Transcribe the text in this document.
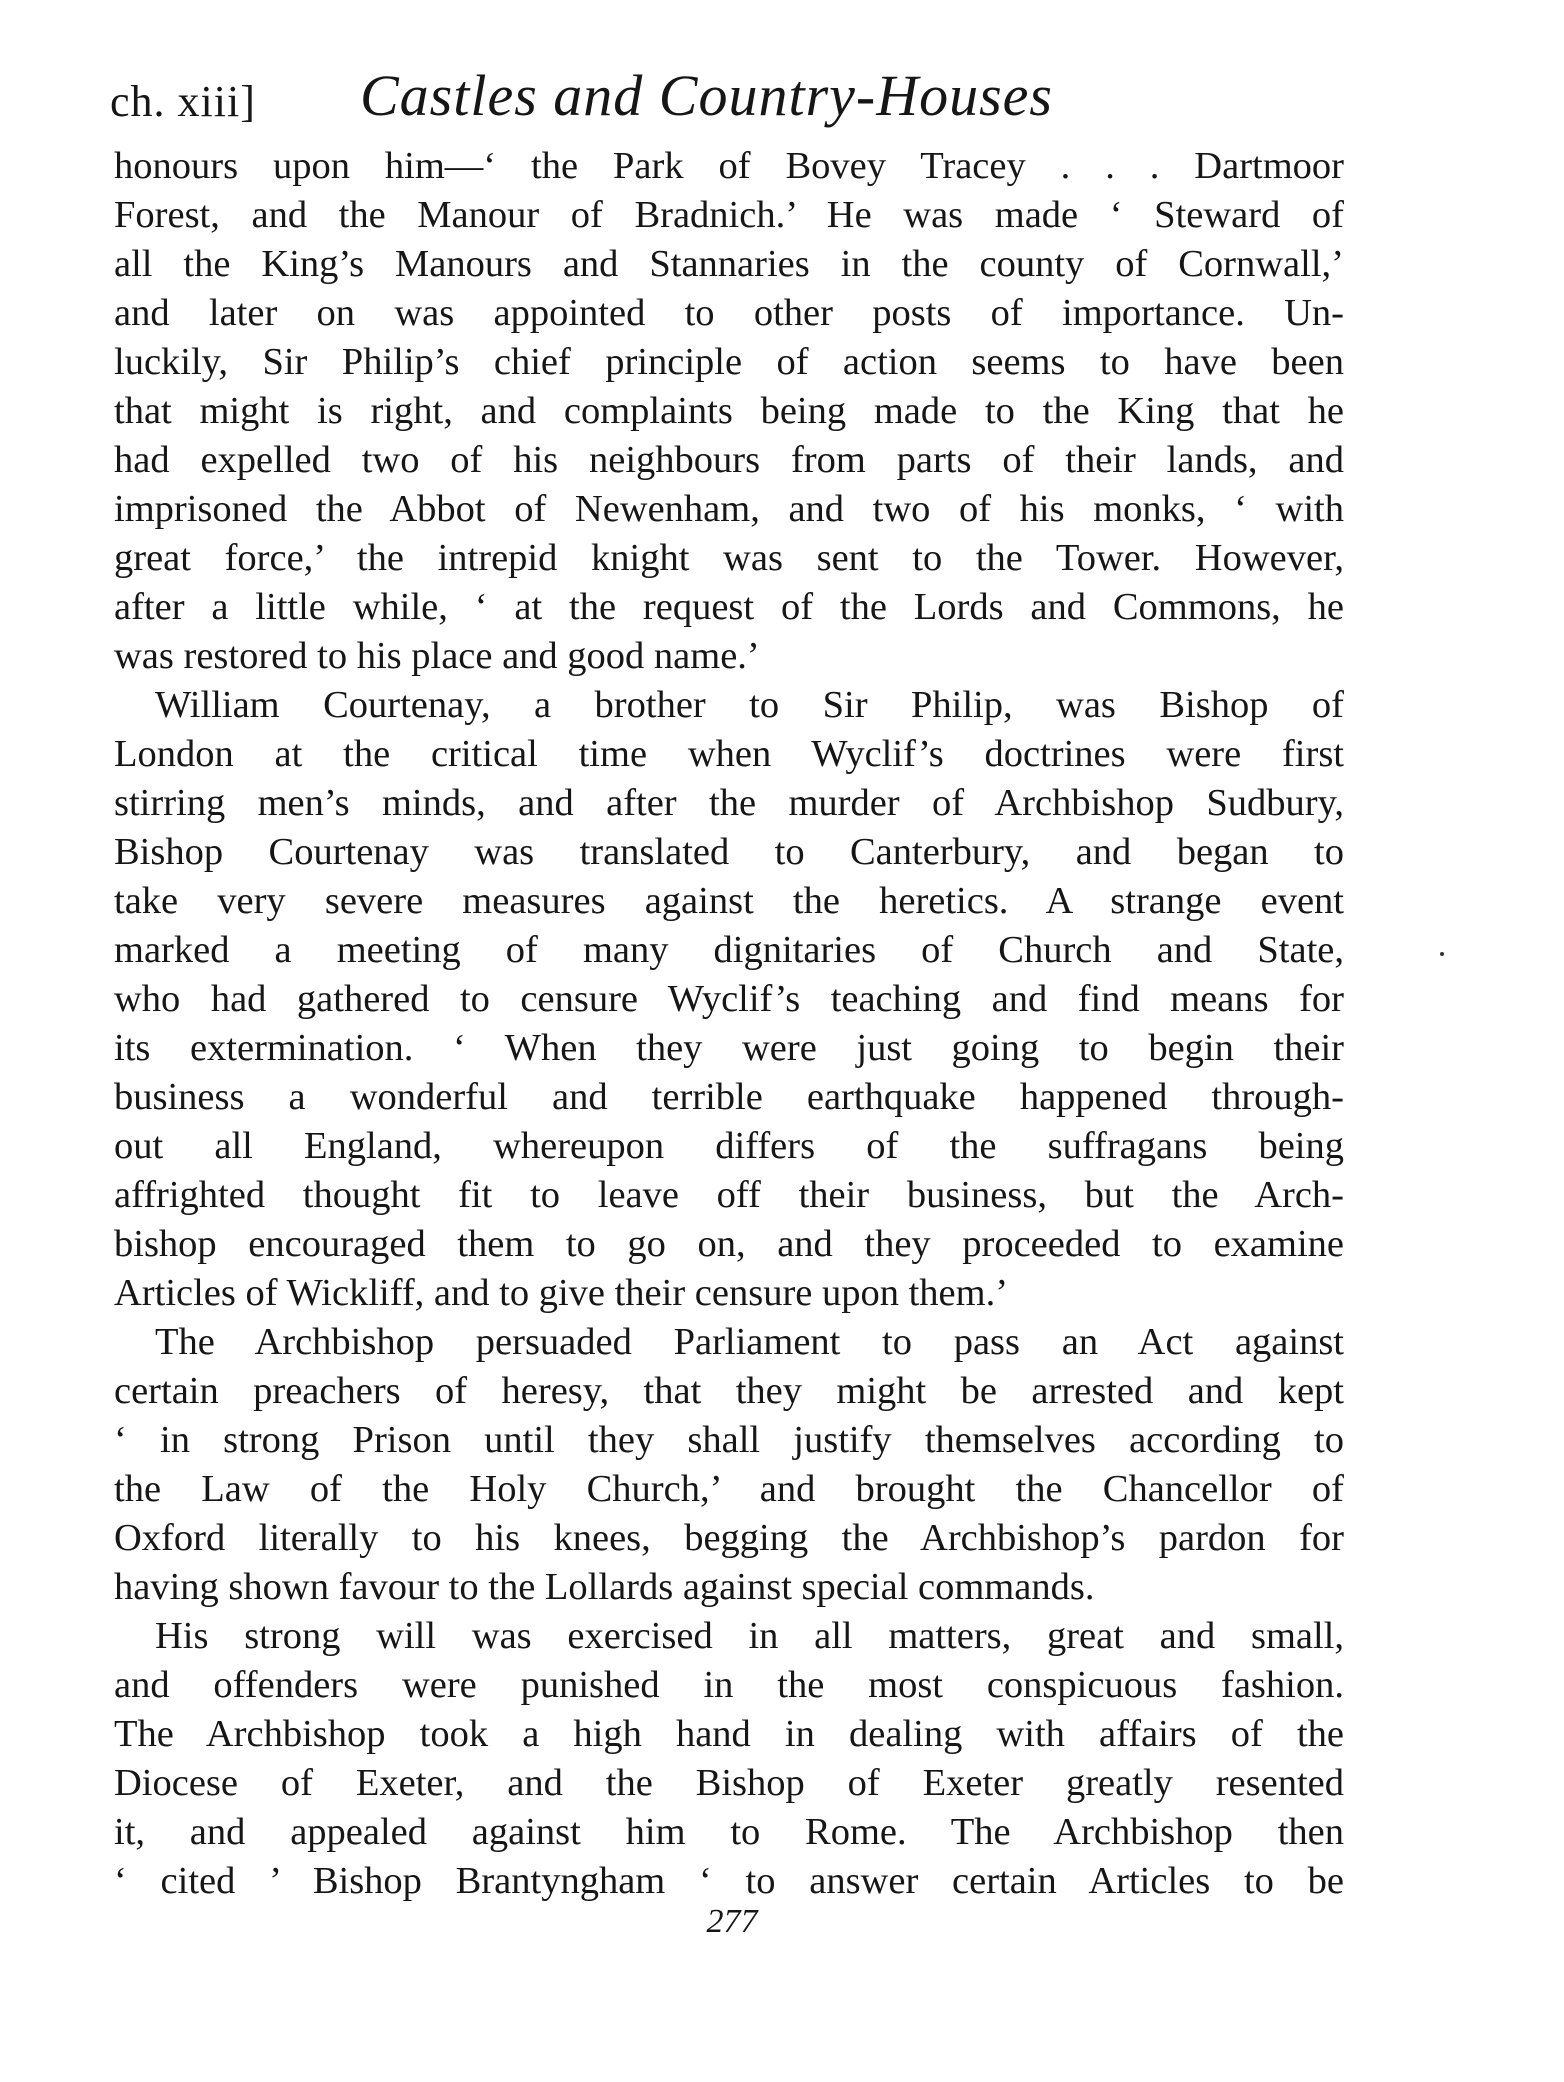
ch. xiii] Castles and Country-Houses
honours upon him—‘ the Park of Bovey Tracey . . . Dartmoor
Forest, and the Manour of Bradnich.’ He was made ‘ Steward of
all the King’s Manours and Stannaries in the county of Cornwall,’
and later on was appointed to other posts of importance. Un-
luckily, Sir Philip’s chief principle of action seems to have been
that might is right, and complaints being made to the King that he
had expelled two of his neighbours from parts of their lands, and
imprisoned the Abbot of Newenham, and two of his monks, ‘ with
great force,’ the intrepid knight was sent to the Tower. However,
after a little while, ‘ at the request of the Lords and Commons, he
was restored to his place and good name.’
William Courtenay, a brother to Sir Philip, was Bishop of
London at the critical time when Wyclif’s doctrines were first
stirring men’s minds, and after the murder of Archbishop Sudbury,
Bishop Courtenay was translated to Canterbury, and began to
take very severe measures against the heretics. A strange event
marked a meeting of many dignitaries of Church and State,
who had gathered to censure Wyclif’s teaching and find means for
its extermination. ‘ When they were just going to begin their
business a wonderful and terrible earthquake happened through-
out all England, whereupon differs of the suffragans being
affrighted thought fit to leave off their business, but the Arch-
bishop encouraged them to go on, and they proceeded to examine
Articles of Wickliff, and to give their censure upon them.’
The Archbishop persuaded Parliament to pass an Act against
certain preachers of heresy, that they might be arrested and kept
‘ in strong Prison until they shall justify themselves according to
the Law of the Holy Church,’ and brought the Chancellor of
Oxford literally to his knees, begging the Archbishop’s pardon for
having shown favour to the Lollards against special commands.
His strong will was exercised in all matters, great and small,
and offenders were punished in the most conspicuous fashion.
The Archbishop took a high hand in dealing with affairs of the
Diocese of Exeter, and the Bishop of Exeter greatly resented
it, and appealed against him to Rome. The Archbishop then
‘ cited ’ Bishop Brantyngham ‘ to answer certain Articles to be
277
